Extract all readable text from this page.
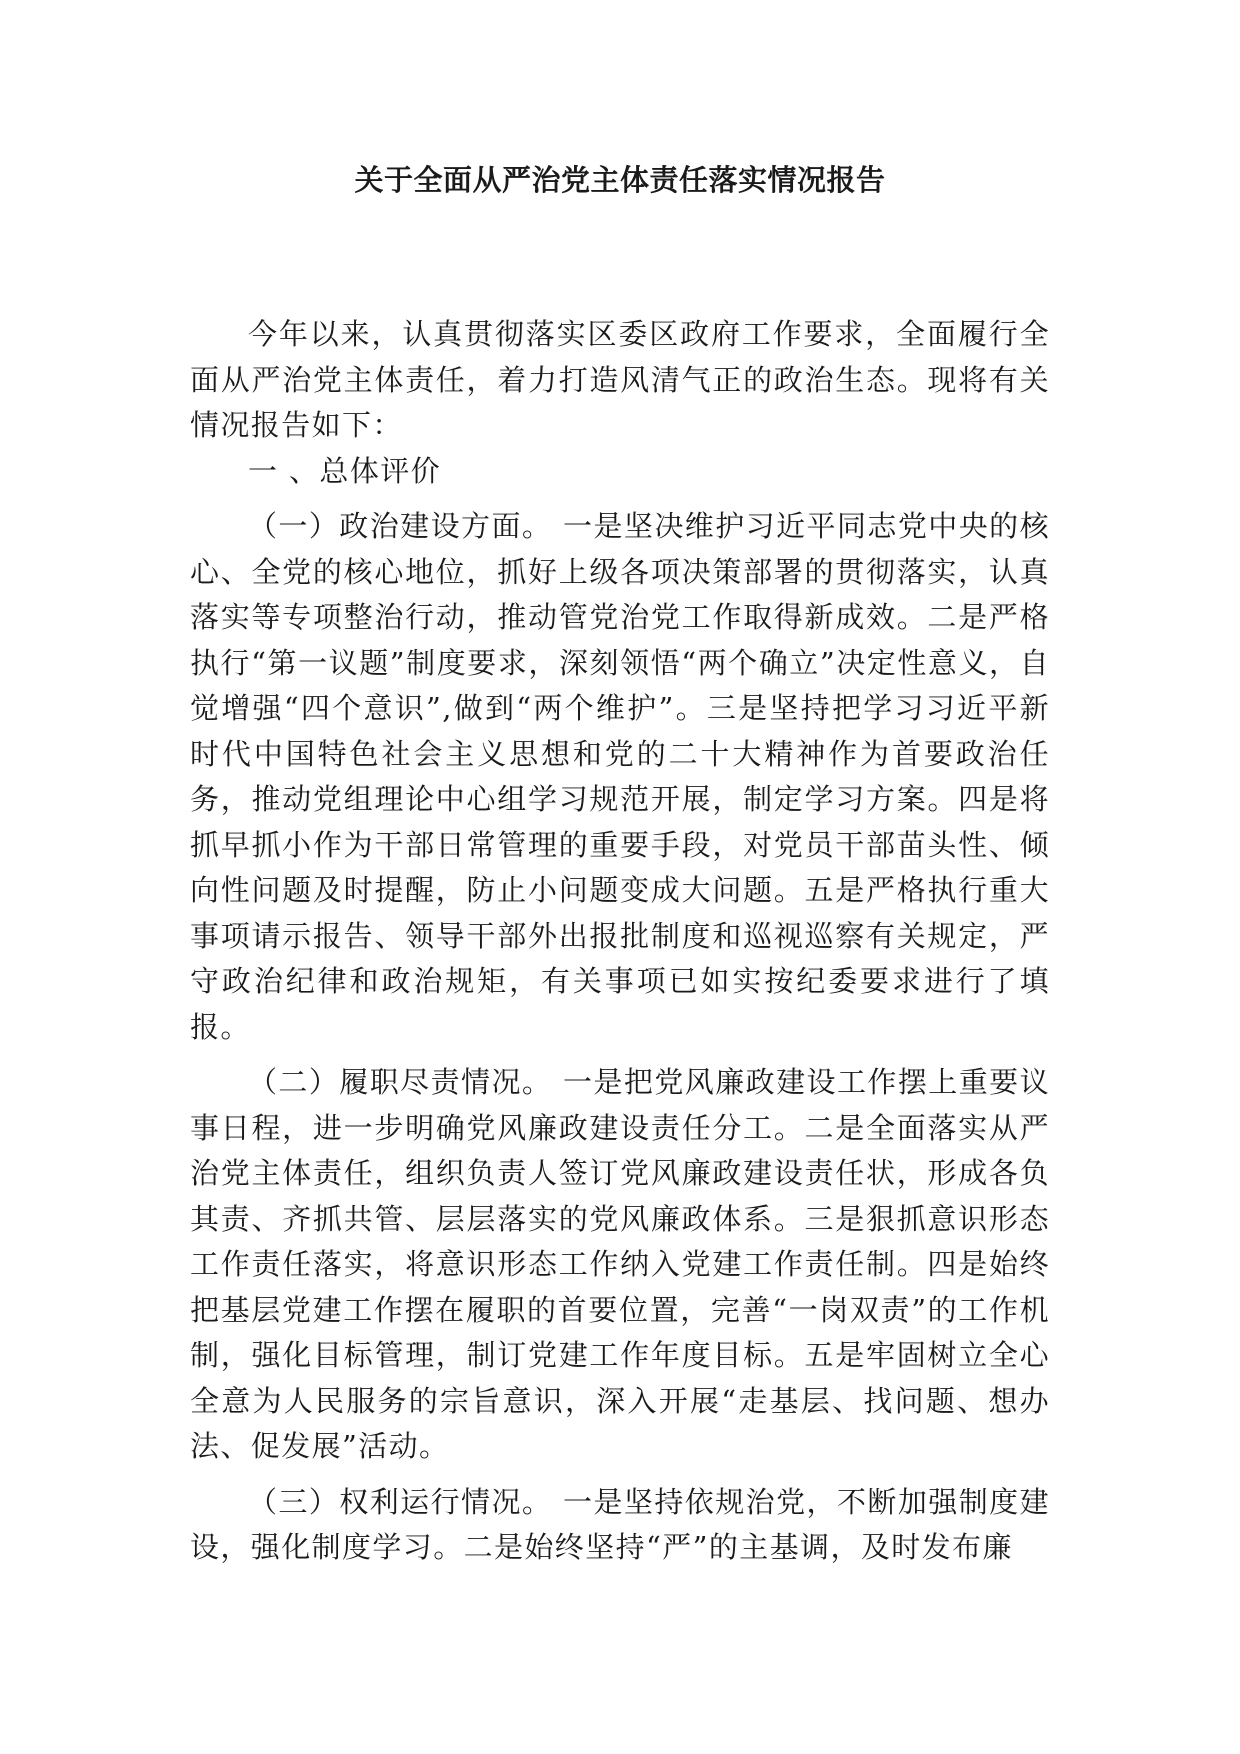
关于全面从严治党主体责任落实情况报告

今年以来，认真贯彻落实区委区政府工作要求，全面履行全面从严治党主体责任，着力打造风清气正的政治生态。现将有关情况报告如下：

一 、总体评价

（一）政治建设方面。 一是坚决维护习近平同志党中央的核心、全党的核心地位，抓好上级各项决策部署的贯彻落实，认真落实等专项整治行动，推动管党治党工作取得新成效。二是严格执行“第一议题”制度要求，深刻领悟“两个确立”决定性意义，自觉增强“四个意识”,做到“两个维护”。三是坚持把学习习近平新时代中国特色社会主义思想和党的二十大精神作为首要政治任务，推动党组理论中心组学习规范开展，制定学习方案。四是将抓早抓小作为干部日常管理的重要手段，对党员干部苗头性、倾向性问题及时提醒，防止小问题变成大问题。五是严格执行重大事项请示报告、领导干部外出报批制度和巡视巡察有关规定，严守政治纪律和政治规矩，有关事项已如实按纪委要求进行了填报。

（二）履职尽责情况。 一是把党风廉政建设工作摆上重要议事日程，进一步明确党风廉政建设责任分工。二是全面落实从严治党主体责任，组织负责人签订党风廉政建设责任状，形成各负其责、齐抓共管、层层落实的党风廉政体系。三是狠抓意识形态工作责任落实，将意识形态工作纳入党建工作责任制。四是始终把基层党建工作摆在履职的首要位置，完善“一岗双责”的工作机制，强化目标管理，制订党建工作年度目标。五是牢固树立全心全意为人民服务的宗旨意识，深入开展“走基层、找问题、想办法、促发展”活动。

（三）权利运行情况。 一是坚持依规治党，不断加强制度建设，强化制度学习。二是始终坚持“严”的主基调，及时发布廉
